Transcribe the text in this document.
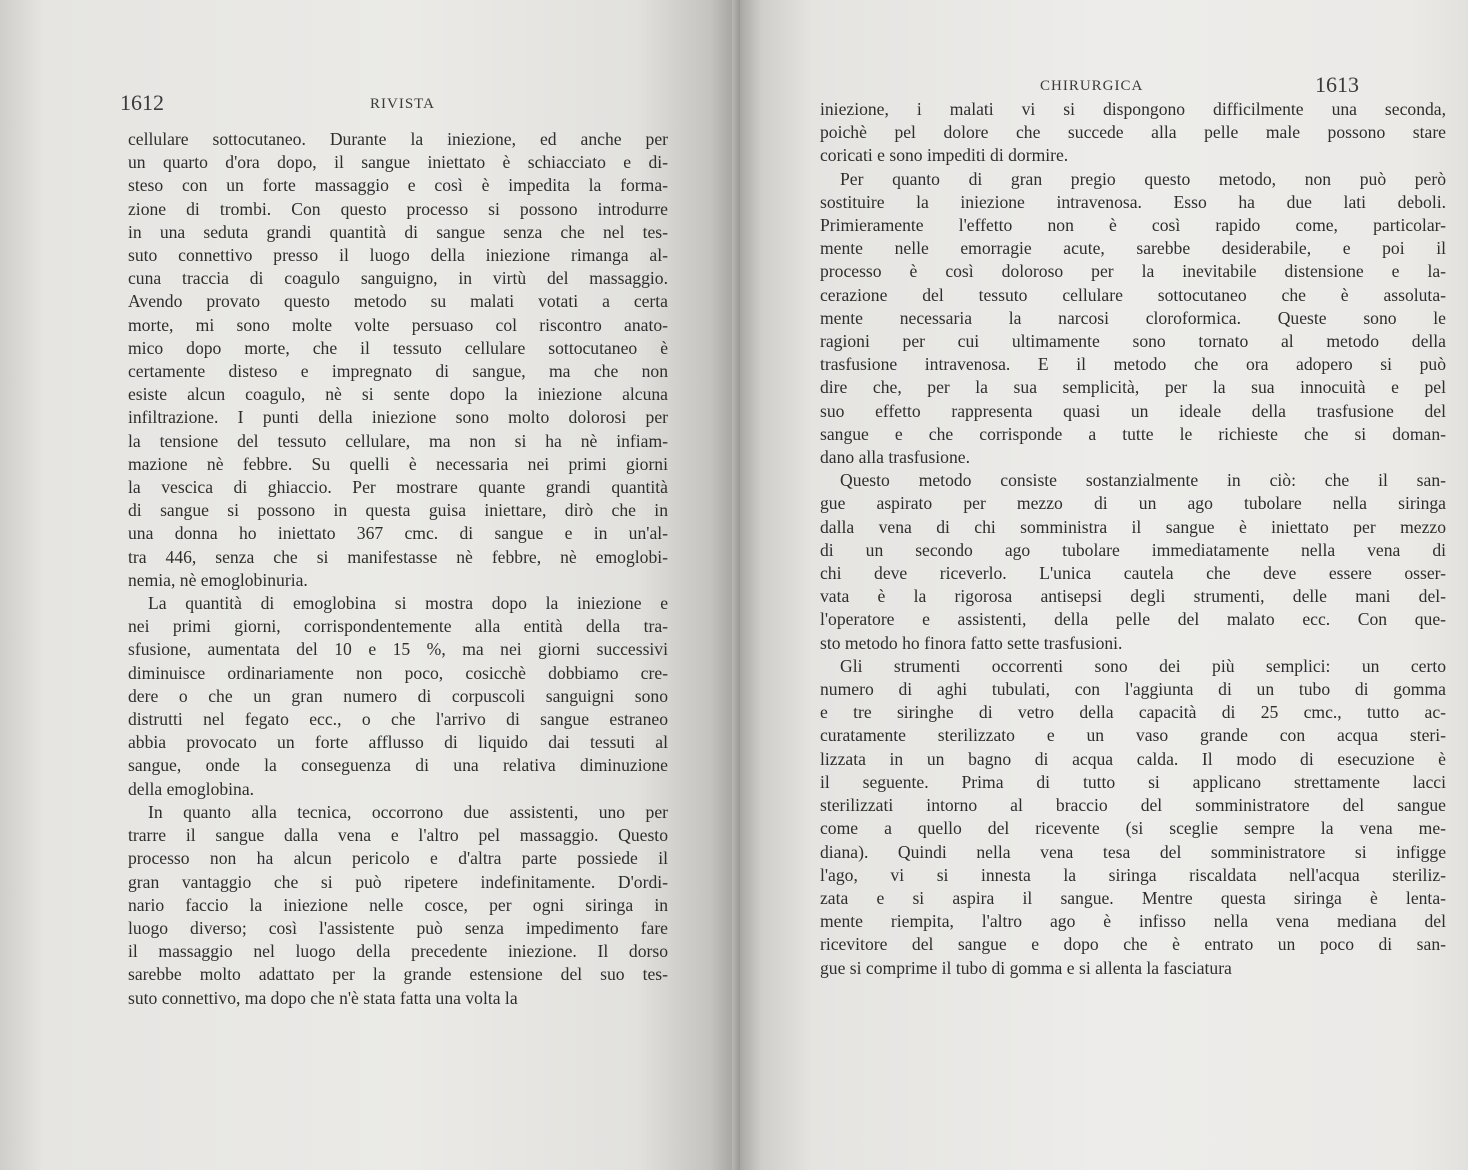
1612	RIVISTA
cellulare sottocutaneo. Durante la iniezione, ed anche per
un quarto d'ora dopo, il sangue iniettato è schiacciato e di-
steso con un forte massaggio e così è impedita la forma-
zione di trombi. Con questo processo si possono introdurre
in una seduta grandi quantità di sangue senza che nel tes-
suto connettivo presso il luogo della iniezione rimanga al-
cuna traccia di coagulo sanguigno, in virtù del massaggio.
Avendo provato questo metodo su malati votati a certa
morte, mi sono molte volte persuaso col riscontro anato-
mico dopo morte, che il tessuto cellulare sottocutaneo è
certamente disteso e impregnato di sangue, ma che non
esiste alcun coagulo, nè si sente dopo la iniezione alcuna
infiltrazione. I punti della iniezione sono molto dolorosi per
la tensione del tessuto cellulare, ma non si ha nè infiam-
mazione nè febbre. Su quelli è necessaria nei primi giorni
la vescica di ghiaccio. Per mostrare quante grandi quantità
di sangue si possono in questa guisa iniettare, dirò che in
una donna ho iniettato 367 cmc. di sangue e in un'al-
tra 446, senza che si manifestasse nè febbre, nè emoglobi-
nemia, nè emoglobinuria.
La quantità di emoglobina si mostra dopo la iniezione e
nei primi giorni, corrispondentemente alla entità della tra-
sfusione, aumentata del 10 e 15 %, ma nei giorni successivi
diminuisce ordinariamente non poco, cosicchè dobbiamo cre-
dere o che un gran numero di corpuscoli sanguigni sono
distrutti nel fegato ecc., o che l'arrivo di sangue estraneo
abbia provocato un forte afflusso di liquido dai tessuti al
sangue, onde la conseguenza di una relativa diminuzione
della emoglobina.
In quanto alla tecnica, occorrono due assistenti, uno per
trarre il sangue dalla vena e l'altro pel massaggio. Questo
processo non ha alcun pericolo e d'altra parte possiede il
gran vantaggio che si può ripetere indefinitamente. D'ordi-
nario faccio la iniezione nelle cosce, per ogni siringa in
luogo diverso; così l'assistente può senza impedimento fare
il massaggio nel luogo della precedente iniezione. Il dorso
sarebbe molto adattato per la grande estensione del suo tes-
suto connettivo, ma dopo che n'è stata fatta una volta la
CHIRURGICA	1613
iniezione, i malati vi si dispongono difficilmente una seconda,
poichè pel dolore che succede alla pelle male possono stare
coricati e sono impediti di dormire.
Per quanto di gran pregio questo metodo, non può però
sostituire la iniezione intravenosa. Esso ha due lati deboli.
Primieramente l'effetto non è così rapido come, particolar-
mente nelle emorragie acute, sarebbe desiderabile, e poi il
processo è così doloroso per la inevitabile distensione e la-
cerazione del tessuto cellulare sottocutaneo che è assoluta-
mente necessaria la narcosi cloroformica. Queste sono le
ragioni per cui ultimamente sono tornato al metodo della
trasfusione intravenosa. E il metodo che ora adopero si può
dire che, per la sua semplicità, per la sua innocuità e pel
suo effetto rappresenta quasi un ideale della trasfusione del
sangue e che corrisponde a tutte le richieste che si doman-
dano alla trasfusione.
Questo metodo consiste sostanzialmente in ciò: che il san-
gue aspirato per mezzo di un ago tubolare nella siringa
dalla vena di chi somministra il sangue è iniettato per mezzo
di un secondo ago tubolare immediatamente nella vena di
chi deve riceverlo. L'unica cautela che deve essere osser-
vata è la rigorosa antisepsi degli strumenti, delle mani del-
l'operatore e assistenti, della pelle del malato ecc. Con que-
sto metodo ho finora fatto sette trasfusioni.
Gli strumenti occorrenti sono dei più semplici: un certo
numero di aghi tubulati, con l'aggiunta di un tubo di gomma
e tre siringhe di vetro della capacità di 25 cmc., tutto ac-
curatamente sterilizzato e un vaso grande con acqua steri-
lizzata in un bagno di acqua calda. Il modo di esecuzione è
il seguente. Prima di tutto si applicano strettamente lacci
sterilizzati intorno al braccio del somministratore del sangue
come a quello del ricevente (si sceglie sempre la vena me-
diana). Quindi nella vena tesa del somministratore si infigge
l'ago, vi si innesta la siringa riscaldata nell'acqua steriliz-
zata e si aspira il sangue. Mentre questa siringa è lenta-
mente riempita, l'altro ago è infisso nella vena mediana del
ricevitore del sangue e dopo che è entrato un poco di san-
gue si comprime il tubo di gomma e si allenta la fasciatura
